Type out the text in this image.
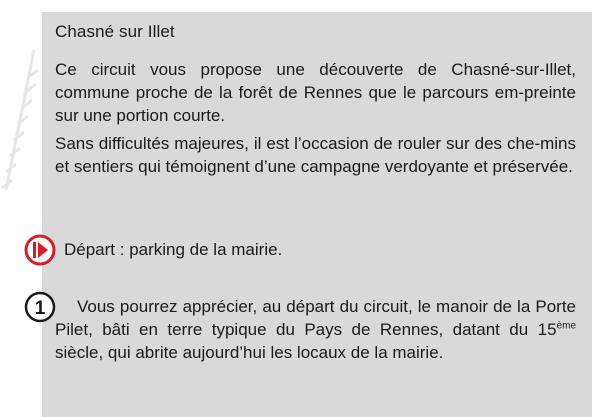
Chasné sur Illet

Ce circuit vous propose une découverte de Chasné-sur-Illet, commune proche de la forêt de Rennes que le parcours em-preinte sur une portion courte.

Sans difficultés majeures, il est l’occasion de rouler sur des che-mins et sentiers qui témoignent d’une campagne verdoyante et préservée.

Départ : parking de la mairie.
1	Vous pourrez apprécier, au départ du circuit, le manoir de la Porte Pilet, bâti en terre typique du Pays de Rennes, datant du 15ème siècle, qui abrite aujourd’hui les locaux de la mairie.
